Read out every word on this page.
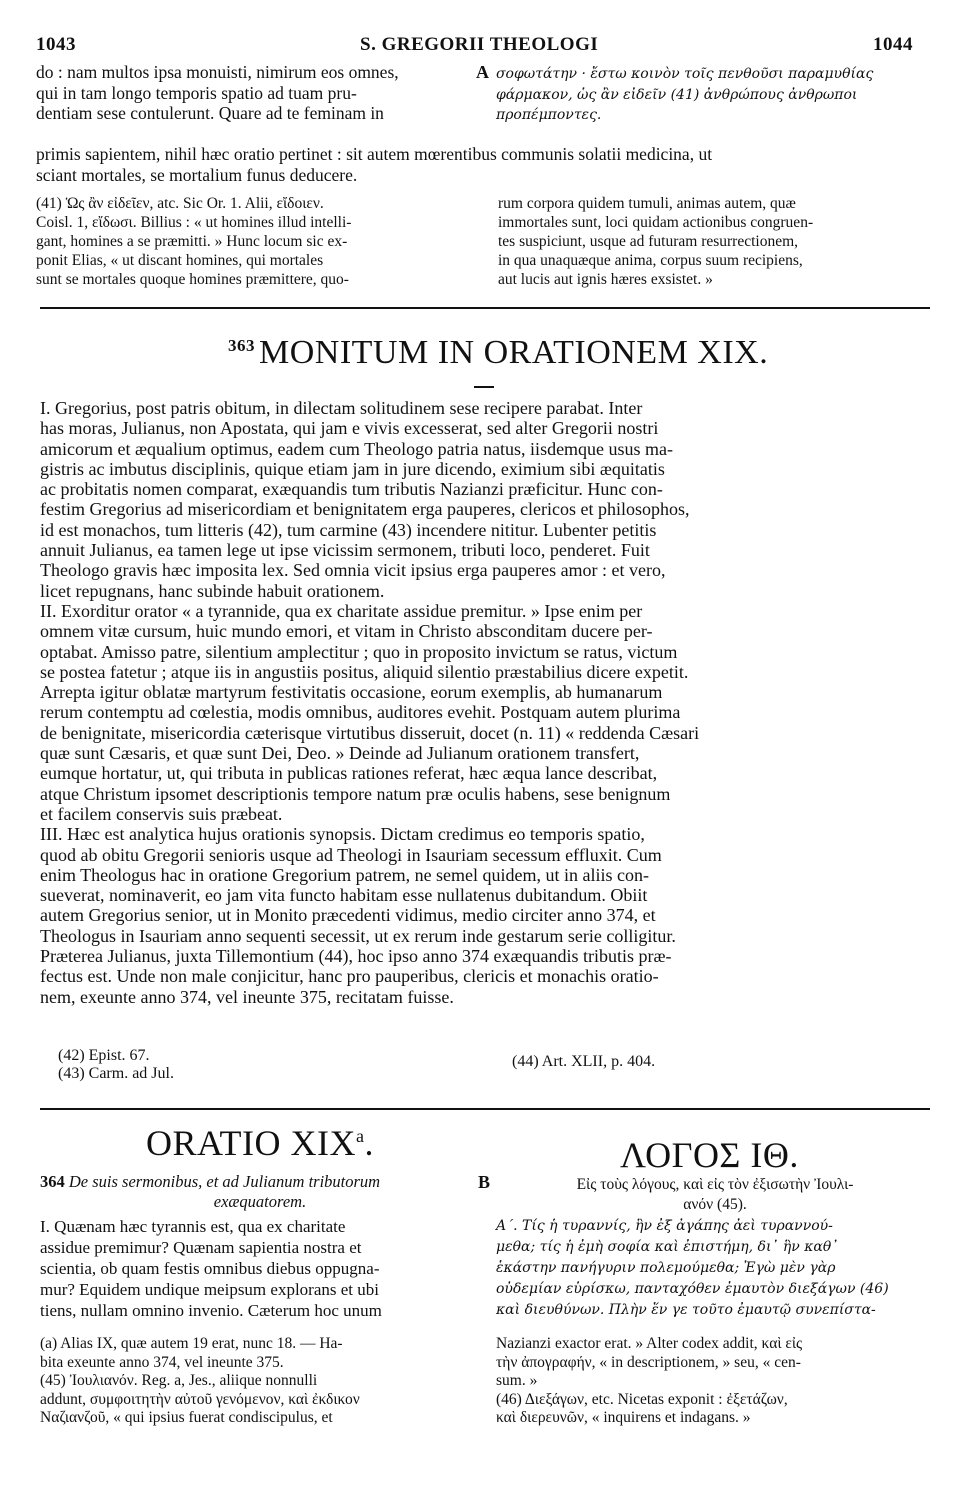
1043	S. GREGORII THEOLOGI	1044
do : nam multos ipsa monuisti, nimirum eos omnes,
qui in tam longo temporis spatio ad tuam pru-
dentiam sese contulerunt. Quare ad te feminam in
A σοφωτάτην · ἔστω κοινὸν τοῖς πενθοῦσι παραμυθίας
φάρμακον, ὡς ἂν εἰδεῖν (41) ἀνθρώπους ἀνθρωποι
προπέμποντες.
primis sapientem, nihil hæc oratio pertinet : sit autem mœrentibus communis solatii medicina, ut
sciant mortales, se mortalium funus deducere.
(41) Ὡς ἂν εἰδεῖεν, atc. Sic Or. 1. Alii, εἴδοιεν.
Coisl. 1, εἴδωσι. Billius : « ut homines illud intelli-
gant, homines a se præmitti. » Hunc locum sic ex-
ponit Elias, « ut discant homines, qui mortales
sunt se mortales quoque homines præmittere, quo-
rum corpora quidem tumuli, animas autem, quæ
immortales sunt, loci quidam actionibus congruen-
tes suspiciunt, usque ad futuram resurrectionem,
in qua unaquæque anima, corpus suum recipiens,
aut lucis aut ignis hæres exsistet. »
$^{363}$ MONITUM IN ORATIONEM XIX.

I. Gregorius, post patris obitum, in dilectam solitudinem sese recipere parabat. Inter

has moras, Julianus, non Apostata, qui jam e vivis excesserat, sed alter Gregorii nostri

amicorum et æqualium optimus, eadem cum Theologo patria natus, iisdemque usus ma-

gistris ac imbutus disciplinis, quique etiam jam in jure dicendo, eximium sibi æquitatis

ac probitatis nomen comparat, exæquandis tum tributis Nazianzi præficitur. Hunc con-

festim Gregorius ad misericordiam et benignitatem erga pauperes, clericos et philosophos,

id est monachos, tum litteris (42), tum carmine (43) incendere nititur. Lubenter petitis

annuit Julianus, ea tamen lege ut ipse vicissim sermonem, tributi loco, penderet. Fuit

Theologo gravis hæc imposita lex. Sed omnia vicit ipsius erga pauperes amor : et vero,

licet repugnans, hanc subinde habuit orationem.

II. Exorditur orator « a tyrannide, qua ex charitate assidue premitur. » Ipse enim per

omnem vitæ cursum, huic mundo emori, et vitam in Christo absconditam ducere per-

optabat. Amisso patre, silentium amplectitur ; quo in proposito invictum se ratus, victum

se postea fatetur ; atque iis in angustiis positus, aliquid silentio præstabilius dicere expetit.

Arrepta igitur oblatæ martyrum festivitatis occasione, eorum exemplis, ab humanarum

rerum contemptu ad cœlestia, modis omnibus, auditores evehit. Postquam autem plurima

de benignitate, misericordia cæterisque virtutibus disseruit, docet (n. 11) « reddenda Cæsari

quæ sunt Cæsaris, et quæ sunt Dei, Deo. » Deinde ad Julianum orationem transfert,

eumque hortatur, ut, qui tributa in publicas rationes referat, hæc æqua lance describat,

atque Christum ipsomet descriptionis tempore natum præ oculis habens, sese benignum

et facilem conservis suis præbeat.

III. Hæc est analytica hujus orationis synopsis. Dictam credimus eo temporis spatio,

quod ab obitu Gregorii senioris usque ad Theologi in Isauriam secessum effluxit. Cum

enim Theologus hac in oratione Gregorium patrem, ne semel quidem, ut in aliis con-

sueverat, nominaverit, eo jam vita functo habitam esse nullatenus dubitandum. Obiit

autem Gregorius senior, ut in Monito præcedenti vidimus, medio circiter anno 374, et

Theologus in Isauriam anno sequenti secessit, ut ex rerum inde gestarum serie colligitur.

Præterea Julianus, juxta Tillemontium (44), hoc ipso anno 374 exæquandis tributis præ-

fectus est. Unde non male conjicitur, hanc pro pauperibus, clericis et monachis oratio-

nem, exeunte anno 374, vel ineunte 375, recitatam fuisse.

(42) Epist. 67.
(43) Carm. ad Jul.
(44) Art. XLII, p. 404.
ORATIO XIX$^a$.	ΛΟΓΟΣ ΙΘ.
364 De suis sermonibus, et ad Julianum tributorum
exæquatorem.
B	Εἰς τοὺς λόγους, καὶ εἰς τὸν ἐξισωτὴν Ἰουλι-
ανόν (45).

I. Quænam hæc tyrannis est, qua ex charitate

assidue premimur? Quænam sapientia nostra et

scientia, ob quam festis omnibus diebus oppugna-

mur? Equidem undique meipsum explorans et ubi

tiens, nullam omnino invenio. Cæterum hoc unum

Α΄. Τίς ἡ τυραννίς, ἣν ἐξ ἀγάπης ἀεὶ τυραννού-

μεθα; τίς ἡ ἐμὴ σοφία καὶ ἐπιστήμη, δι᾽ ἣν καθ᾽

ἑκάστην πανήγυριν πολεμούμεθα; Ἐγὼ μὲν γὰρ

οὐδεμίαν εὑρίσκω, πανταχόθεν ἐμαυτὸν διεξάγων (46)

καὶ διευθύνων. Πλὴν ἕν γε τοῦτο ἐμαυτῷ συνεπίστα-

(a) Alias IX, quæ autem 19 erat, nunc 18. — Ha-
bita exeunte anno 374, vel ineunte 375.
(45) Ἰουλιανόν. Reg. a, Jes., aliique nonnulli
addunt, συμφοιτητὴν αὐτοῦ γενόμενον, καὶ ἐκδικον
Ναζιανζοῦ, « qui ipsius fuerat condiscipulus, et
Nazianzi exactor erat. » Alter codex addit, καὶ εἰς
τὴν ἀπογραφήν, « in descriptionem, » seu, « cen-
sum. »
(46) Διεξάγων, etc. Nicetas exponit : ἐξετάζων,
καὶ διερευνῶν, « inquirens et indagans. »
